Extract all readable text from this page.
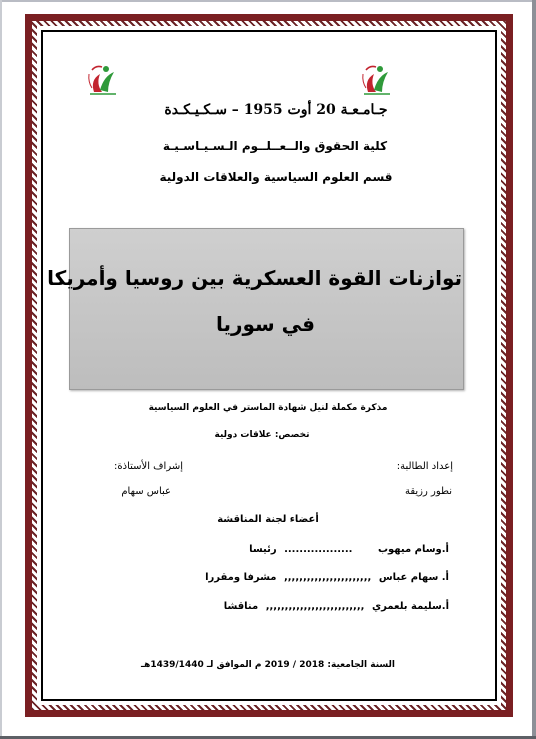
جـامـعـة 20 أوت 1955 – سـكـيـكـدة
كلية الحقوق والــعــلــوم الـسـيـاسـيـة
قسم العلوم السياسية والعلاقات الدولية
توازنات القوة العسكرية بين روسيا وأمريكا
في سوريا
مذكرة مكملة لنيل شهادة الماستر في العلوم السياسية
تخصص: علاقات دولية
إعداد الطالبة:
إشراف الأستاذة:
نطور رزيقة
عباس سهام
أعضاء لجنة المناقشة
أ.وسام ميهوب .................. رئيسا
أ. سهام عباس ,,,,,,,,,,,,,,,,,,,,,,, مشرفا ومقررا
أ.سليمة بلعمري ,,,,,,,,,,,,,,,,,,,,,,,,,, مناقشا
السنة الجامعية: 2018 / 2019 م الموافق لـ 1439/1440هـ
